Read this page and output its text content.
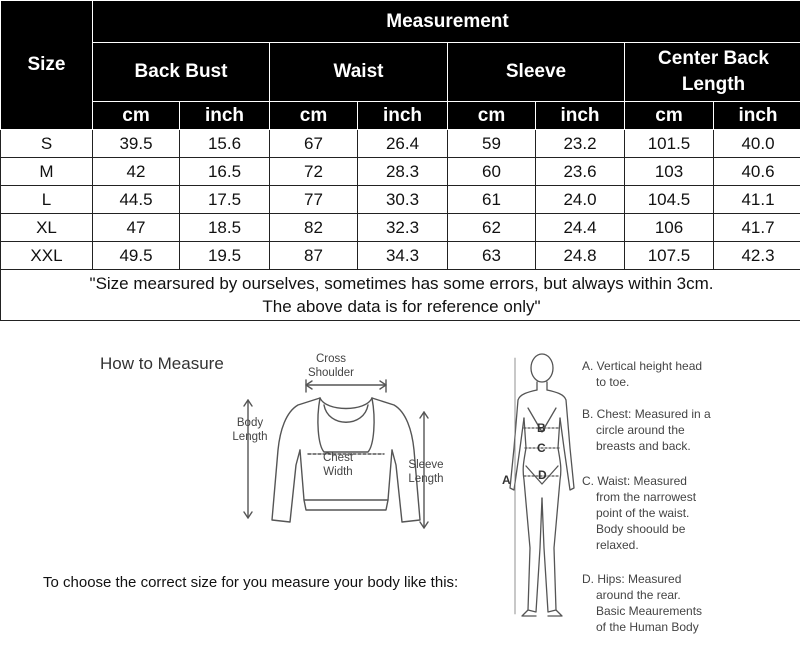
Size	Measurement							
	Back Bust		Waist		Sleeve		Center Back Length	
	cm	inch	cm	inch	cm	inch	cm	inch
S	39.5	15.6	67	26.4	59	23.2	101.5	40.0
M	42	16.5	72	28.3	60	23.6	103	40.6
L	44.5	17.5	77	30.3	61	24.0	104.5	41.1
XL	47	18.5	82	32.3	62	24.4	106	41.7
XXL	49.5	19.5	87	34.3	63	24.8	107.5	42.3

"Size mearsured by ourselves, sometimes has some errors, but always within 3cm.
The above data is for reference only"								
How to Measure	Cross
Shoulder
Body
Length
Chest
Width
Sleeve
Length
To choose the correct size for you measure your body like this:
A
B
C
D
A. Vertical height head
to toe.
B. Chest: Measured in a
circle around the
breasts and back.
C. Waist: Measured
from the narrowest
point of the waist.
Body shoould be
relaxed.
D. Hips: Measured
around the rear.
Basic Meaurements
of the Human Body
